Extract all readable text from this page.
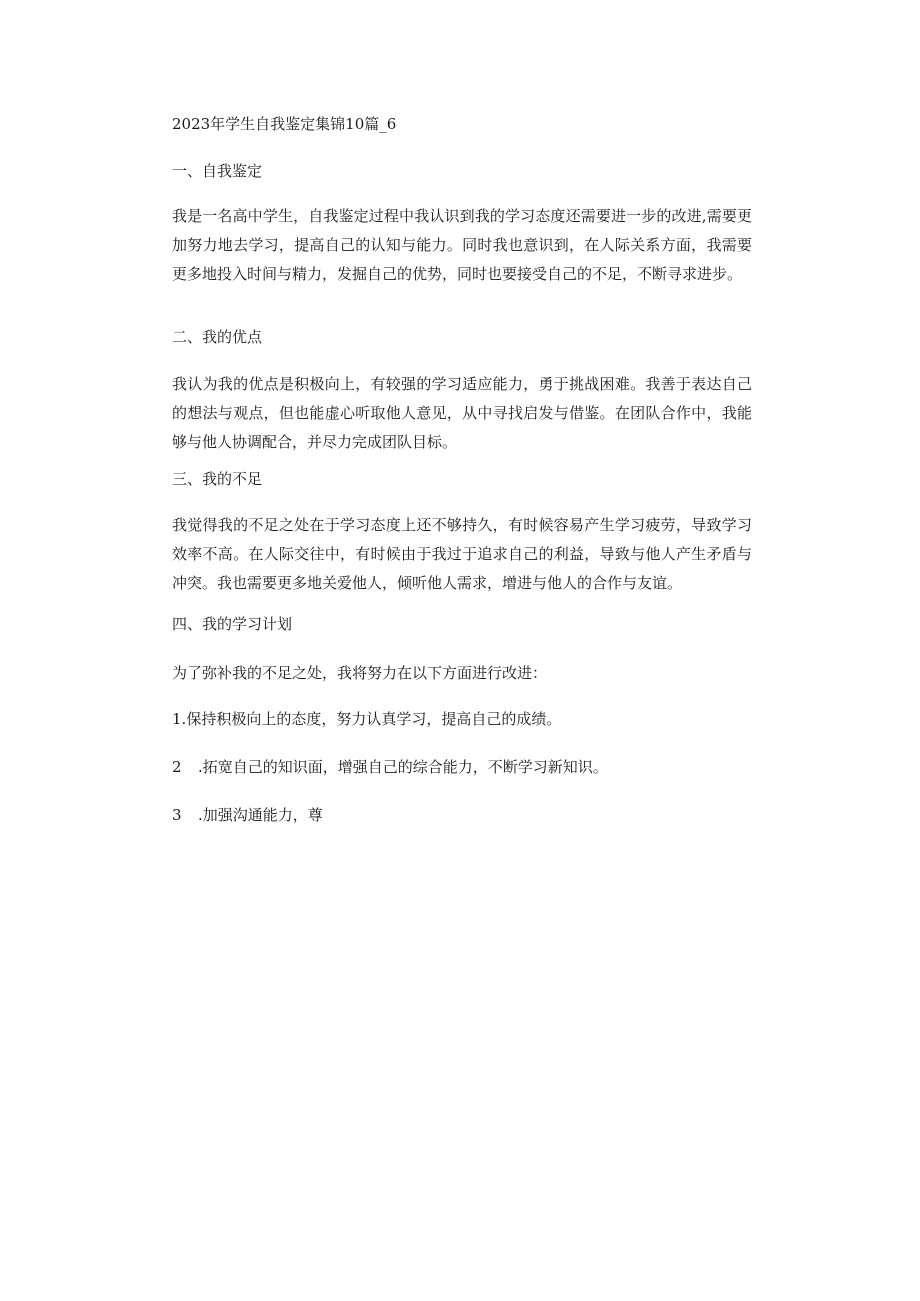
2023年学生自我鉴定集锦10篇_6
一、自我鉴定
我是一名高中学生，自我鉴定过程中我认识到我的学习态度还需要进一步的改进,需要更加努力地去学习，提高自己的认知与能力。同时我也意识到，在人际关系方面，我需要更多地投入时间与精力，发掘自己的优势，同时也要接受自己的不足，不断寻求进步。
二、我的优点
我认为我的优点是积极向上，有较强的学习适应能力，勇于挑战困难。我善于表达自己的想法与观点，但也能虚心听取他人意见，从中寻找启发与借鉴。在团队合作中，我能够与他人协调配合，并尽力完成团队目标。
三、我的不足
我觉得我的不足之处在于学习态度上还不够持久，有时候容易产生学习疲劳，导致学习效率不高。在人际交往中，有时候由于我过于追求自己的利益，导致与他人产生矛盾与冲突。我也需要更多地关爱他人，倾听他人需求，增进与他人的合作与友谊。
四、我的学习计划
为了弥补我的不足之处，我将努力在以下方面进行改进：
1.保持积极向上的态度，努力认真学习，提高自己的成绩。
2 .拓宽自己的知识面，增强自己的综合能力，不断学习新知识。
3 .加强沟通能力，尊
